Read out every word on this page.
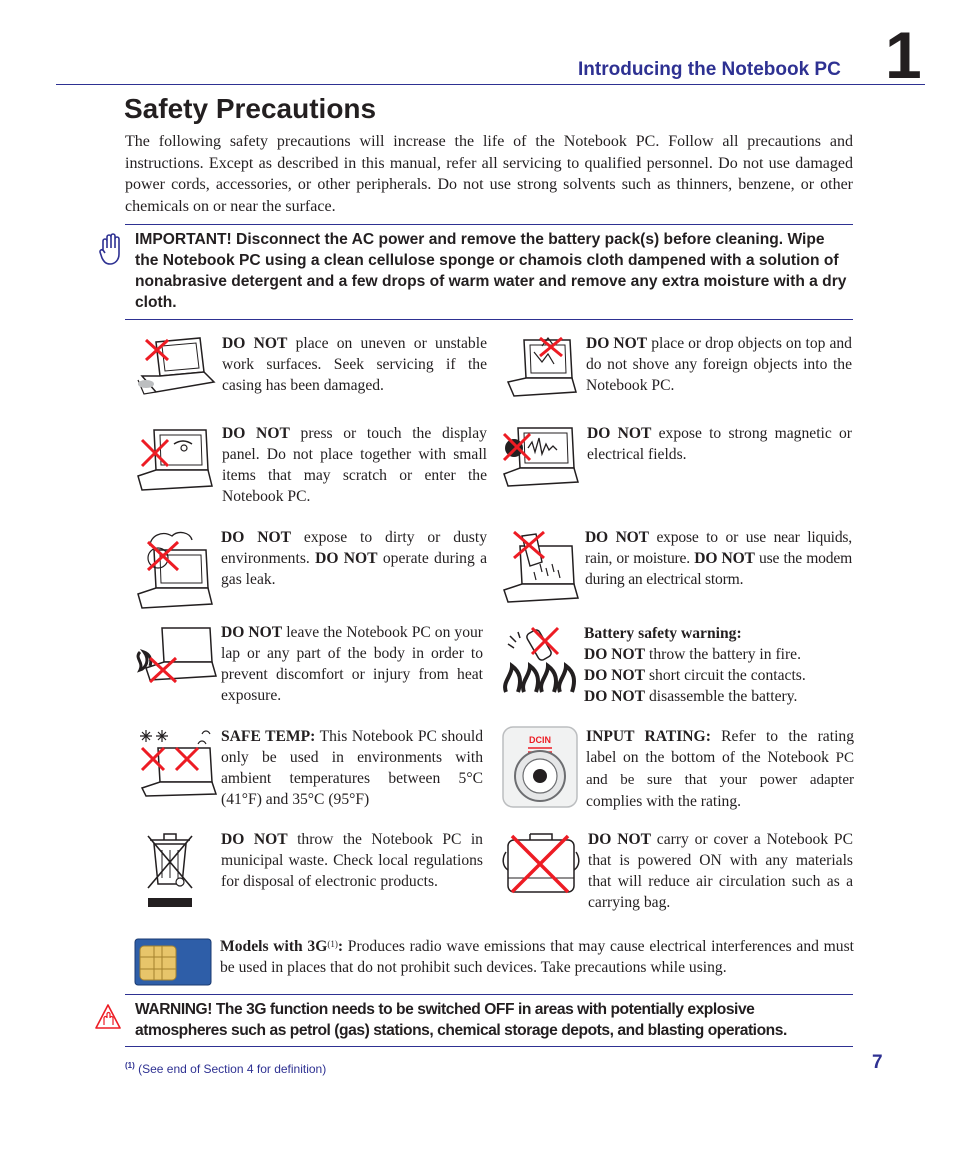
Introducing the Notebook PC 1
Safety Precautions

The following safety precautions will increase the life of the Notebook PC. Follow all precautions and instructions. Except as described in this manual, refer all servicing to qualified personnel. Do not use damaged power cords, accessories, or other peripherals. Do not use strong solvents such as thinners, benzene, or other chemicals on or near the surface.

IMPORTANT! Disconnect the AC power and remove the battery pack(s) before cleaning. Wipe the Notebook PC using a clean cellulose sponge or chamois cloth dampened with a solution of nonabrasive detergent and a few drops of warm water and remove any extra moisture with a dry cloth.

DO NOT place on uneven or unstable work surfaces. Seek servicing if the casing has been damaged.

DO NOT place or drop objects on top and do not shove any foreign objects into the Notebook PC.

DO NOT press or touch the display panel. Do not place together with small items that may scratch or enter the Notebook PC.

DO NOT expose to strong magnetic or electrical fields.

DO NOT expose to dirty or dusty environments. DO NOT operate during a gas leak.

DO NOT expose to or use near liquids, rain, or moisture. DO NOT use the modem during an electrical storm.

DO NOT leave the Notebook PC on your lap or any part of the body in order to prevent discomfort or injury from heat exposure.

Battery safety warning:
DO NOT throw the battery in fire.
DO NOT short circuit the contacts.
DO NOT disassemble the battery.

SAFE TEMP: This Notebook PC should only be used in environments with ambient temperatures between 5°C (41°F) and 35°C (95°F)

DCIN INPUT RATING: Refer to the rating label on the bottom of the Notebook PC and be sure that your power adapter complies with the rating.

DO NOT throw the Notebook PC in municipal waste. Check local regulations for disposal of electronic products.

DO NOT carry or cover a Notebook PC that is powered ON with any materials that will reduce air circulation such as a carrying bag.

Models with $3G^{(1)}$: Produces radio wave emissions that may cause electrical interferences and must be used in places that do not prohibit such devices. Take precautions while using.

WARNING! The 3G function needs to be switched OFF in areas with potentially explosive atmospheres such as petrol (gas) stations, chemical storage depots, and blasting operations.

$^{(1)}$ (See end of Section 4 for definition)	7
